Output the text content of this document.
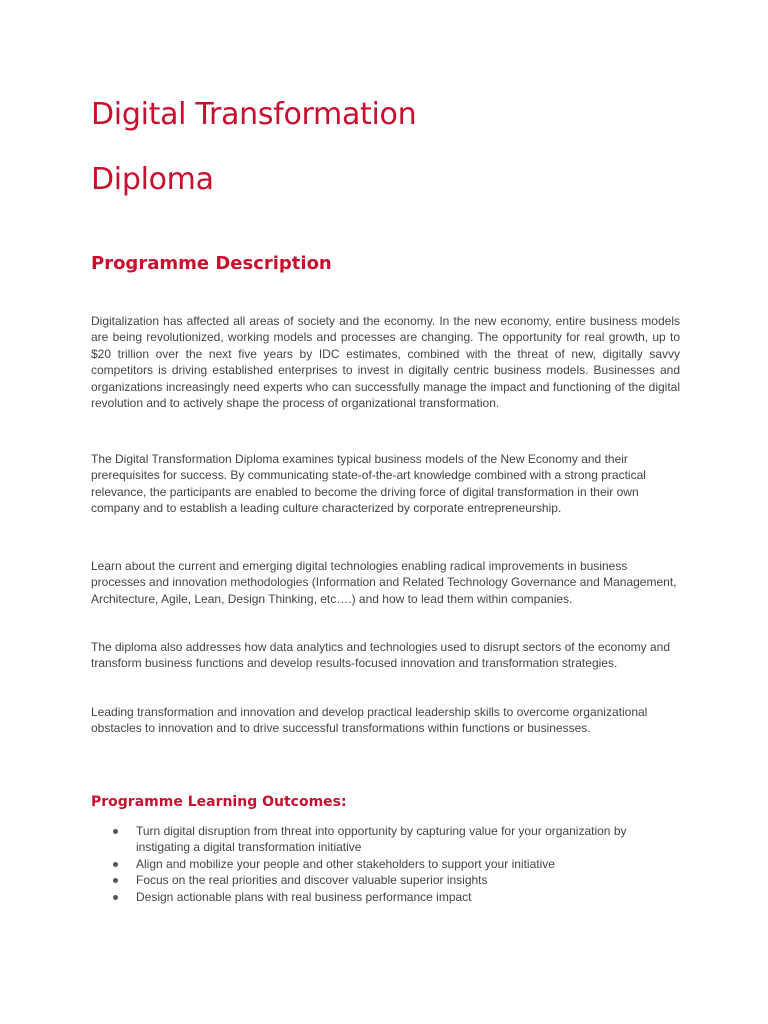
Digital Transformation
Diploma
Programme Description

Digitalization has affected all areas of society and the economy. In the new economy, entire business models are being revolutionized, working models and processes are changing. The opportunity for real growth, up to $20 trillion over the next five years by IDC estimates, combined with the threat of new, digitally savvy competitors is driving established enterprises to invest in digitally centric business models. Businesses and organizations increasingly need experts who can successfully manage the impact and functioning of the digital revolution and to actively shape the process of organizational transformation.

The Digital Transformation Diploma examines typical business models of the New Economy and their prerequisites for success. By communicating state-of-the-art knowledge combined with a strong practical relevance, the participants are enabled to become the driving force of digital transformation in their own company and to establish a leading culture characterized by corporate entrepreneurship.

Learn about the current and emerging digital technologies enabling radical improvements in business processes and innovation methodologies (Information and Related Technology Governance and Management, Architecture, Agile, Lean, Design Thinking, etc….) and how to lead them within companies.

The diploma also addresses how data analytics and technologies used to disrupt sectors of the economy and transform business functions and develop results-focused innovation and transformation strategies.

Leading transformation and innovation and develop practical leadership skills to overcome organizational obstacles to innovation and to drive successful transformations within functions or businesses.

Programme Learning Outcomes:
Turn digital disruption from threat into opportunity by capturing value for your organization by instigating a digital transformation initiative
Align and mobilize your people and other stakeholders to support your initiative
Focus on the real priorities and discover valuable superior insights
Design actionable plans with real business performance impact
